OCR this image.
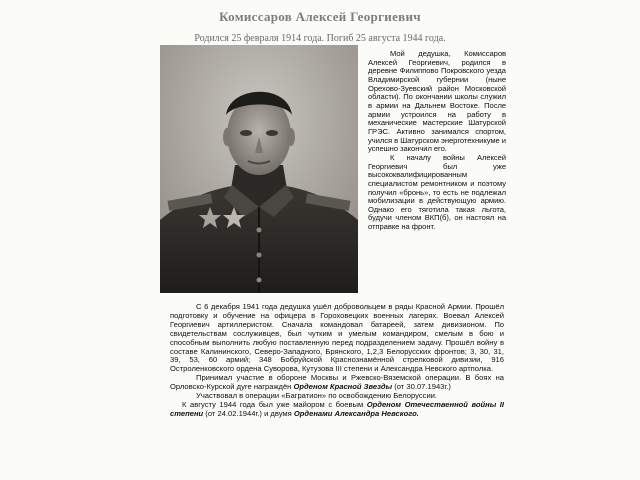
Комиссаров Алексей Георгиевич
Родился 25 февраля 1914 года. Погиб 25 августа 1944 года.

Мой дедушка, Комиссаров Алексей Георгиевич, родился в деревне Филиппово Покровского уезда Владимирской губернии (ныне Орехово-Зуевский район Московской области). По окончании школы служил в армии на Дальнем Востоке. После армии устроился на работу в механические мастерские Шатурской ГРЭС. Активно занимался спортом, учился в Шатурском энерготехникуме и успешно закончил его.

К началу войны Алексей Георгиевич был уже высококвалифицированным специалистом ремонтником и поэтому получил «бронь», то есть не подлежал мобилизации в действующую армию. Однако его тяготила такая льгота, будучи членом ВКП(б), он настоял на отправке на фронт.

С 6 декабря 1941 года дедушка ушёл добровольцем в ряды Красной Армии. Прошёл подготовку и обучение на офицера в Гороховецких военных лагерях. Воевал Алексей Георгиевич артиллеристом. Сначала командовал батареей, затем дивизионом. По свидетельствам сослуживцев, был чутким и умелым командиром, смелым в бою и способным выполнить любую поставленную перед подразделением задачу. Прошёл войну в составе Калининского, Северо-Западного, Брянского, 1,2,3 Белорусских фронтов; 3, 30, 31, 39, 53, 60 армий; 348 Бобруйской Краснознамённой стрелковой дивизии, 916 Остроленковского ордена Суворова, Кутузова III степени и Александра Невского артполка.

Принимал участие в обороне Москвы и Ржевско-Вяземской операции. В боях на Орловско-Курской дуге награждён Орденом Красной Звезды (от 30.07.1943г.)

Участвовал в операции «Багратион» по освобождению Белоруссии.

К августу 1944 года был уже майором с боевым Орденом Отечественной войны II степени (от 24.02.1944г.) и двумя Орденами Александра Невского.
